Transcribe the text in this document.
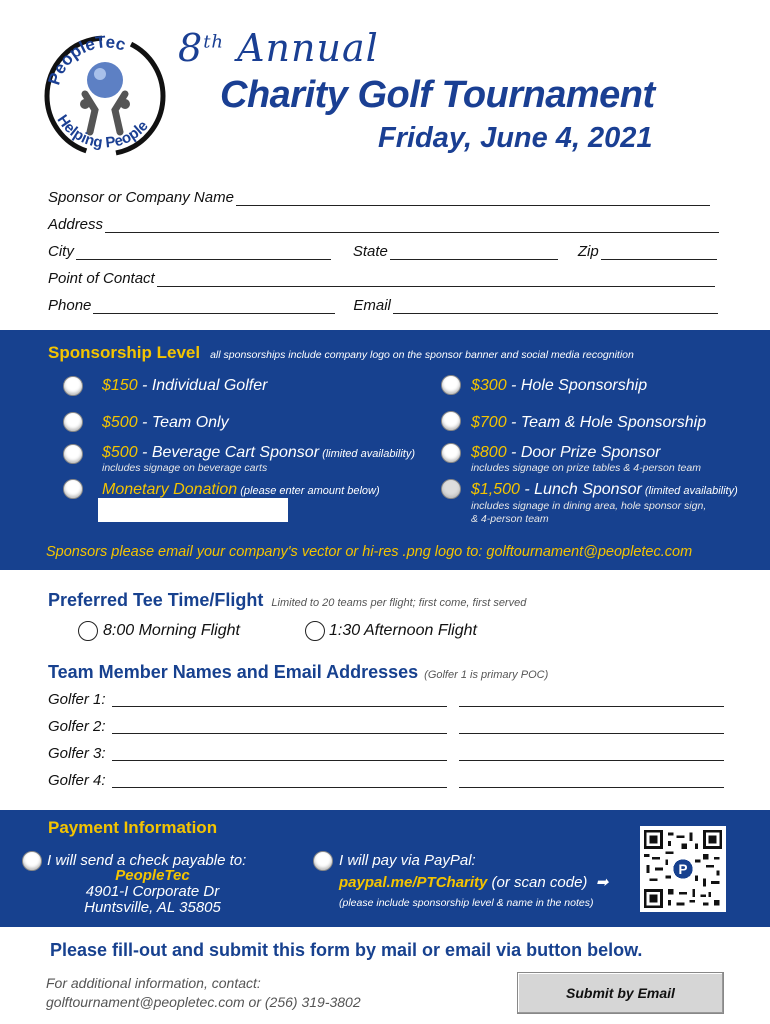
PeopleTec
Helping People
8th Annual
Charity Golf Tournament
Friday, June 4, 2021
Sponsor or Company Name
Address
City	State	Zip
Point of Contact
Phone	Email
Sponsorship Level all sponsorships include company logo on the sponsor banner and social media recognition
$150 - Individual Golfer	$300 - Hole Sponsorship
$500 - Team Only	$700 - Team & Hole Sponsorship
$500 - Beverage Cart Sponsor (limited availability)
includes signage on beverage carts
$800 - Door Prize Sponsor
includes signage on prize tables & 4-person team
Monetary Donation (please enter amount below)	$1,500 - Lunch Sponsor (limited availability)
includes signage in dining area, hole sponsor sign,
& 4-person team
Sponsors please email your company's vector or hi-res .png logo to: golftournament@peopletec.com
Preferred Tee Time/Flight Limited to 20 teams per flight; first come, first served
8:00 Morning Flight	1:30 Afternoon Flight
Team Member Names and Email Addresses (Golfer 1 is primary POC)
Golfer 1:
Golfer 2:
Golfer 3:
Golfer 4:
Payment Information
I will send a check payable to:
PeopleTec
4901-I Corporate Dr
Huntsville, AL 35805
I will pay via PayPal:
paypal.me/PTCharity (or scan code) ➡
(please include sponsorship level & name in the notes)
P
Please fill-out and submit this form by mail or email via button below.
For additional information, contact:
golftournament@peopletec.com or (256) 319-3802
Submit by Email
